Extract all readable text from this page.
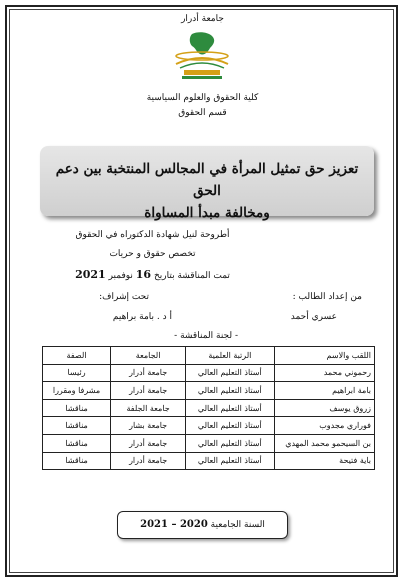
جامعة أدرار
كلية الحقوق والعلوم السياسية
قسم الحقوق
تعزيز حق تمثيل المرأة في المجالس المنتخبة بين دعم الحق
ومخالفة مبدأ المساواة
أطروحة لنيل شهادة الدكتوراه في الحقوق
تخصص حقوق و حريات
تمت المناقشة بتاريخ 16 نوفمبر 2021
من إعداد الطالب :
تحت إشراف:
عسري أحمد
أ د . بامة براهيم
- لجنة المناقشة -
اللقب والاسم	الرتبة العلمية	الجامعة	الصفة
رحموني محمد	أستاذ التعليم العالي	جامعة أدرار	رئيسا
بامة ابراهيم	أستاذ التعليم العالي	جامعة أدرار	مشرفا ومقررا
زروق يوسف	أستاذ التعليم العالي	جامعة الجلفة	مناقشا
فوراري مجدوب	أستاذ التعليم العالي	جامعة بشار	مناقشا
بن السيحمو محمد المهدي	أستاذ التعليم العالي	جامعة أدرار	مناقشا
باية فتيحة	أستاذ التعليم العالي	جامعة أدرار	مناقشا
السنة الجامعية 2020 – 2021
